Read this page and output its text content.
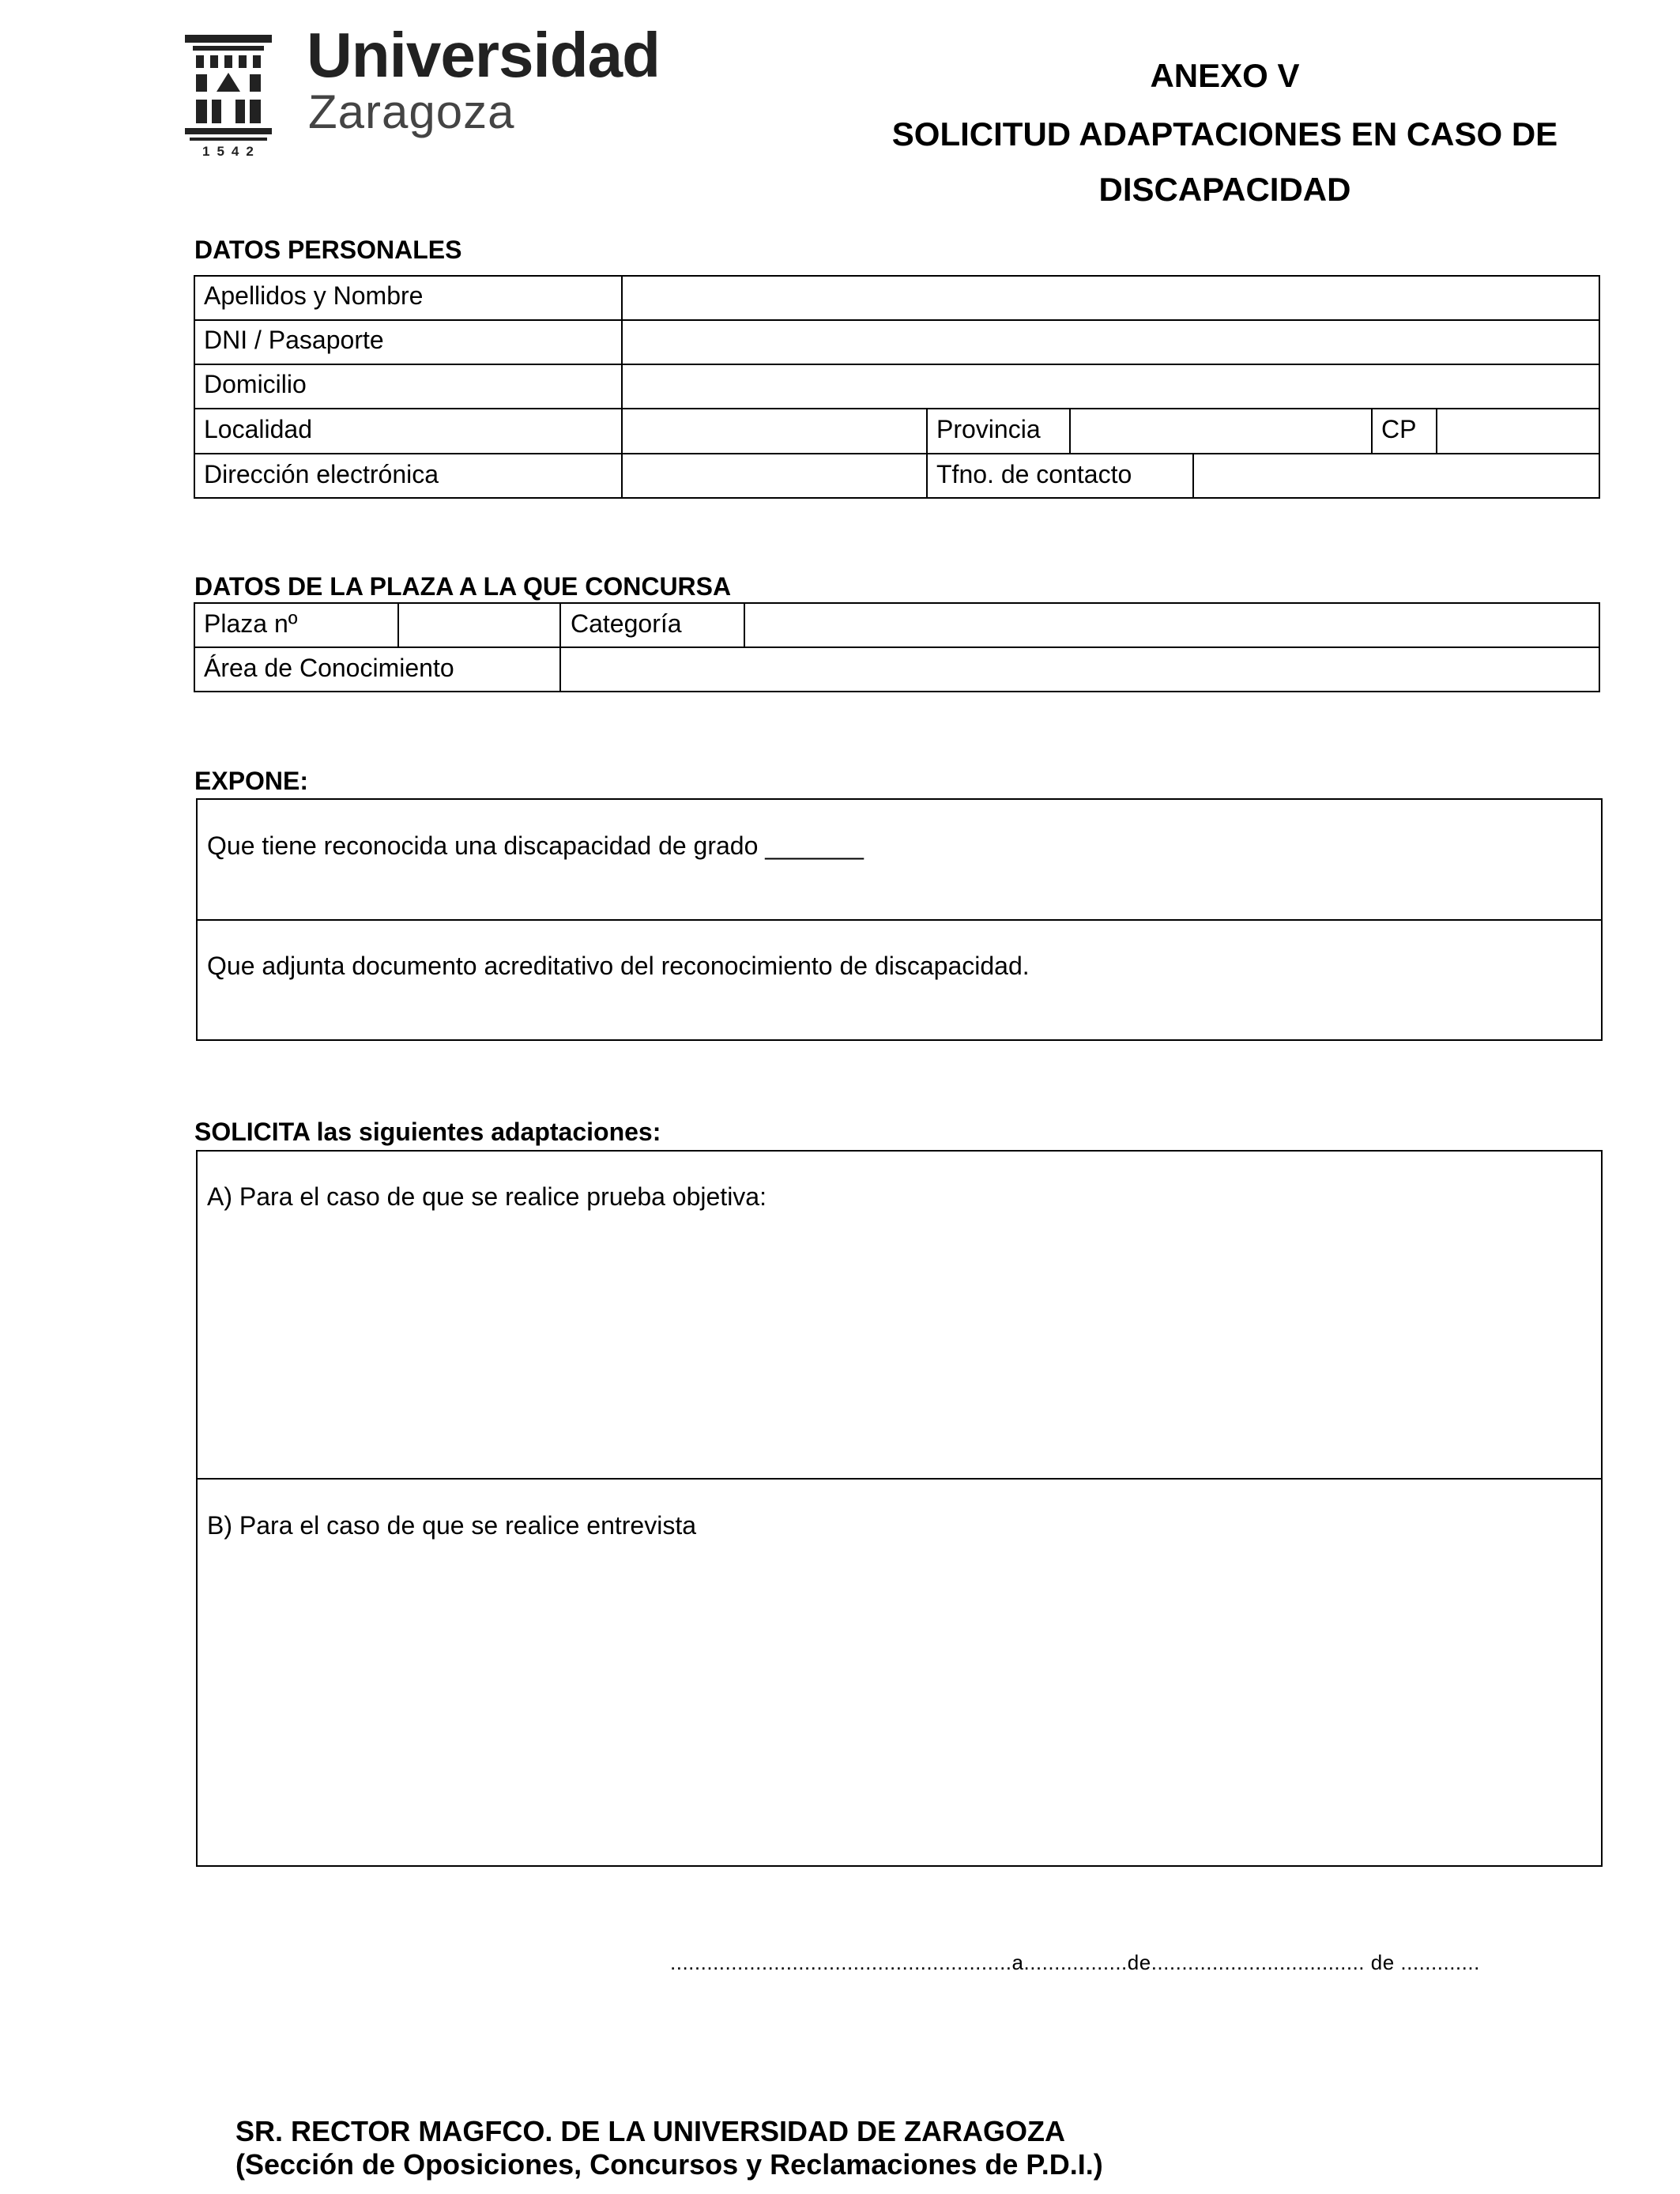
Universidad
Zaragoza
1542
ANEXO V
SOLICITUD ADAPTACIONES EN CASO DE
DISCAPACIDAD
DATOS PERSONALES
Apellidos y Nombre
DNI / Pasaporte
Domicilio
Localidad	Provincia	CP
Dirección electrónica	Tfno. de contacto
DATOS DE LA PLAZA A LA QUE CONCURSA
Plaza nº	Categoría
Área de Conocimiento
EXPONE:
Que tiene reconocida una discapacidad de grado _______
Que adjunta documento acreditativo del reconocimiento de discapacidad.
SOLICITA las siguientes adaptaciones:
A) Para el caso de que se realice prueba objetiva:
B) Para el caso de que se realice entrevista
........................................................a.................de................................... de .............
SR. RECTOR MAGFCO. DE LA UNIVERSIDAD DE ZARAGOZA
(Sección de Oposiciones, Concursos y Reclamaciones de P.D.I.)
